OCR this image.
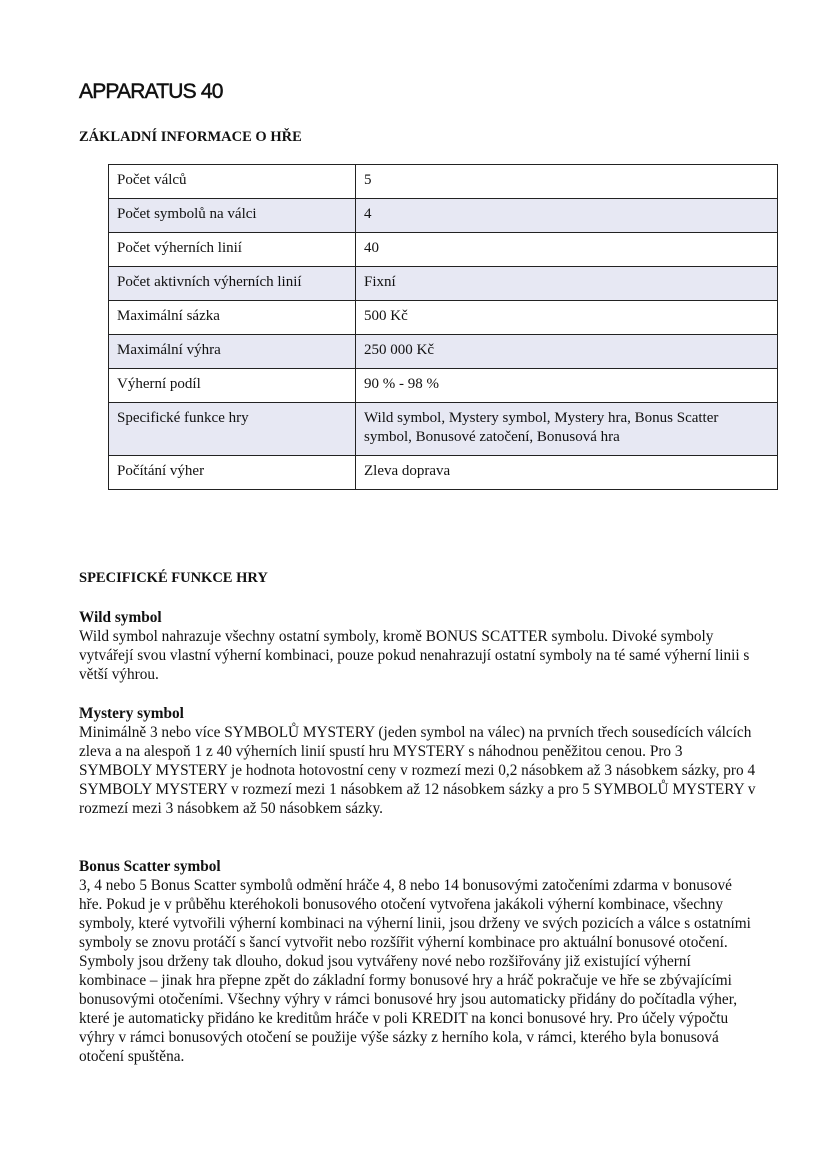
APPARATUS 40
ZÁKLADNÍ INFORMACE O HŘE
Počet válců	5
Počet symbolů na válci	4
Počet výherních linií	40
Počet aktivních výherních linií	Fixní
Maximální sázka	500 Kč
Maximální výhra	250 000 Kč
Výherní podíl	90 % - 98 %
Specifické funkce hry	Wild symbol, Mystery symbol, Mystery hra, Bonus Scatter symbol, Bonusové zatočení, Bonusová hra
Počítání výher	Zleva doprava
SPECIFICKÉ FUNKCE HRY
Wild symbol

Wild symbol nahrazuje všechny ostatní symboly, kromě BONUS SCATTER symbolu. Divoké symboly vytvářejí svou vlastní výherní kombinaci, pouze pokud nenahrazují ostatní symboly na té samé výherní linii s větší výhrou.

Mystery symbol

Minimálně 3 nebo více SYMBOLŮ MYSTERY (jeden symbol na válec) na prvních třech sousedících válcích zleva a na alespoň 1 z 40 výherních linií spustí hru MYSTERY s náhodnou peněžitou cenou. Pro 3 SYMBOLY MYSTERY je hodnota hotovostní ceny v rozmezí mezi 0,2 násobkem až 3 násobkem sázky, pro 4 SYMBOLY MYSTERY v rozmezí mezi 1 násobkem až 12 násobkem sázky a pro 5 SYMBOLŮ MYSTERY v rozmezí mezi 3 násobkem až 50 násobkem sázky.

Bonus Scatter symbol

3, 4 nebo 5 Bonus Scatter symbolů odmění hráče 4, 8 nebo 14 bonusovými zatočeními zdarma v bonusové hře. Pokud je v průběhu kteréhokoli bonusového otočení vytvořena jakákoli výherní kombinace, všechny symboly, které vytvořili výherní kombinaci na výherní linii, jsou drženy ve svých pozicích a válce s ostatními symboly se znovu protáčí s šancí vytvořit nebo rozšířit výherní kombinace pro aktuální bonusové otočení. Symboly jsou drženy tak dlouho, dokud jsou vytvářeny nové nebo rozšiřovány již existující výherní kombinace – jinak hra přepne zpět do základní formy bonusové hry a hráč pokračuje ve hře se zbývajícími bonusovými otočeními. Všechny výhry v rámci bonusové hry jsou automaticky přidány do počítadla výher, které je automaticky přidáno ke kreditům hráče v poli KREDIT na konci bonusové hry. Pro účely výpočtu výhry v rámci bonusových otočení se použije výše sázky z herního kola, v rámci, kterého byla bonusová otočení spuštěna.
